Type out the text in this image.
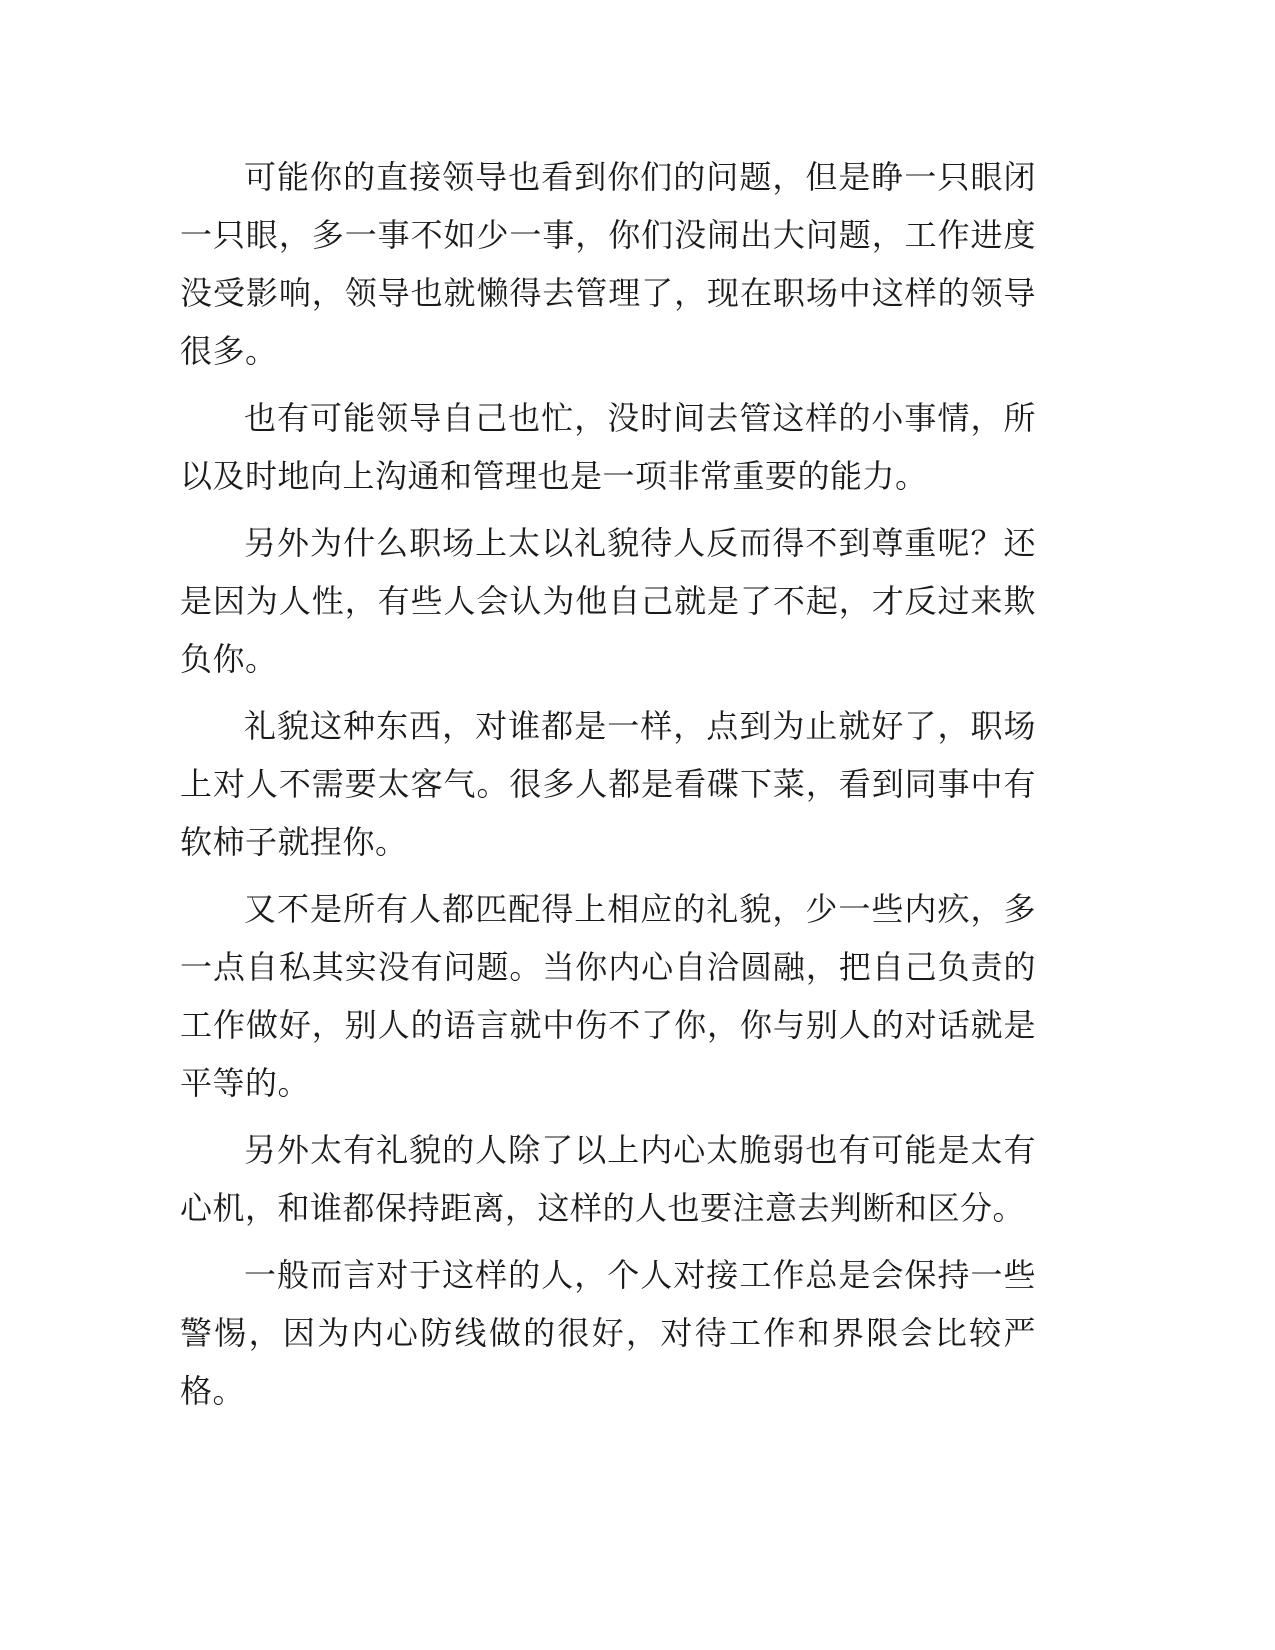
可能你的直接领导也看到你们的问题，但是睁一只眼闭一只眼，多一事不如少一事，你们没闹出大问题，工作进度没受影响，领导也就懒得去管理了，现在职场中这样的领导很多。

也有可能领导自己也忙，没时间去管这样的小事情，所以及时地向上沟通和管理也是一项非常重要的能力。

另外为什么职场上太以礼貌待人反而得不到尊重呢？还是因为人性，有些人会认为他自己就是了不起，才反过来欺负你。

礼貌这种东西，对谁都是一样，点到为止就好了，职场上对人不需要太客气。很多人都是看碟下菜，看到同事中有软柿子就捏你。

又不是所有人都匹配得上相应的礼貌，少一些内疚，多一点自私其实没有问题。当你内心自洽圆融，把自己负责的工作做好，别人的语言就中伤不了你，你与别人的对话就是平等的。

另外太有礼貌的人除了以上内心太脆弱也有可能是太有心机，和谁都保持距离，这样的人也要注意去判断和区分。

一般而言对于这样的人，个人对接工作总是会保持一些警惕，因为内心防线做的很好，对待工作和界限会比较严格。
